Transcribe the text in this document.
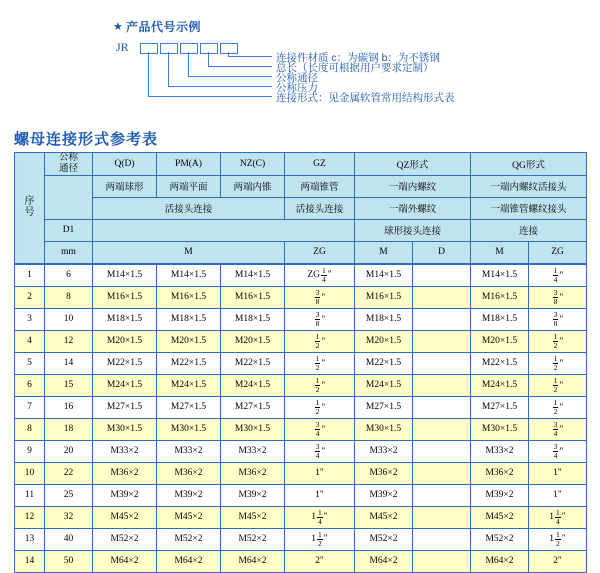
★ 产品代号示例
JR
连接件材质 c：为碳钢 b：为不锈钢
总长（长度可根据用户要求定制）
公称通径
公称压力
连接形式：见金属软管常用结构形式表
螺母连接形式参考表
序
号	公称
通径	Q(D)	PM(A)	NZ(C)	GZ	QZ形式		QG形式	
		两端球形	两端平面	两端内锥	两端锥管	一端内螺纹		一端内螺纹活接头	
		活接头连接			活接头连接	一端外螺纹		一端锥管螺纹接头	
	D1					球形接头连接		连接	
	mm	M			ZG	M	D	M	ZG
1	6	M14×1.5	M14×1.5	M14×1.5	ZG $\frac{1}{4}$ "	M14×1.5		M14×1.5	$\frac{1}{4}$ "

2	8	M16×1.5	M16×1.5	M16×1.5	$\frac{3}{8}$ "	M16×1.5		M16×1.5	$\frac{3}{8}$ "

3	10	M18×1.5	M18×1.5	M18×1.5	$\frac{3}{8}$ "	M18×1.5		M18×1.5	$\frac{3}{8}$ "

4	12	M20×1.5	M20×1.5	M20×1.5	$\frac{1}{2}$ "	M20×1.5		M20×1.5	$\frac{1}{2}$ "

5	14	M22×1.5	M22×1.5	M22×1.5	$\frac{1}{2}$ "	M22×1.5		M22×1.5	$\frac{1}{2}$ "

6	15	M24×1.5	M24×1.5	M24×1.5	$\frac{1}{2}$ "	M24×1.5		M24×1.5	$\frac{1}{2}$ "

7	16	M27×1.5	M27×1.5	M27×1.5	$\frac{1}{2}$ "	M27×1.5		M27×1.5	$\frac{1}{2}$ "

8	18	M30×1.5	M30×1.5	M30×1.5	$\frac{3}{4}$ "	M30×1.5		M30×1.5	$\frac{3}{4}$ "

9	20	M33×2	M33×2	M33×2	$\frac{3}{4}$ "	M33×2		M33×2	$\frac{3}{4}$ "

10	22	M36×2	M36×2	M36×2	1"	M36×2		M36×2	1"
11	25	M39×2	M39×2	M39×2	1"	M39×2		M39×2	1"
12	32	M45×2	M45×2	M45×2	$1 \frac{1}{4}$ "	M45×2		M45×2	$1 \frac{1}{4}$ "

13	40	M52×2	M52×2	M52×2	$1 \frac{1}{2}$ "	M52×2		M52×2	$1 \frac{1}{2}$ "

14	50	M64×2	M64×2	M64×2	2"	M64×2		M64×2	2"
